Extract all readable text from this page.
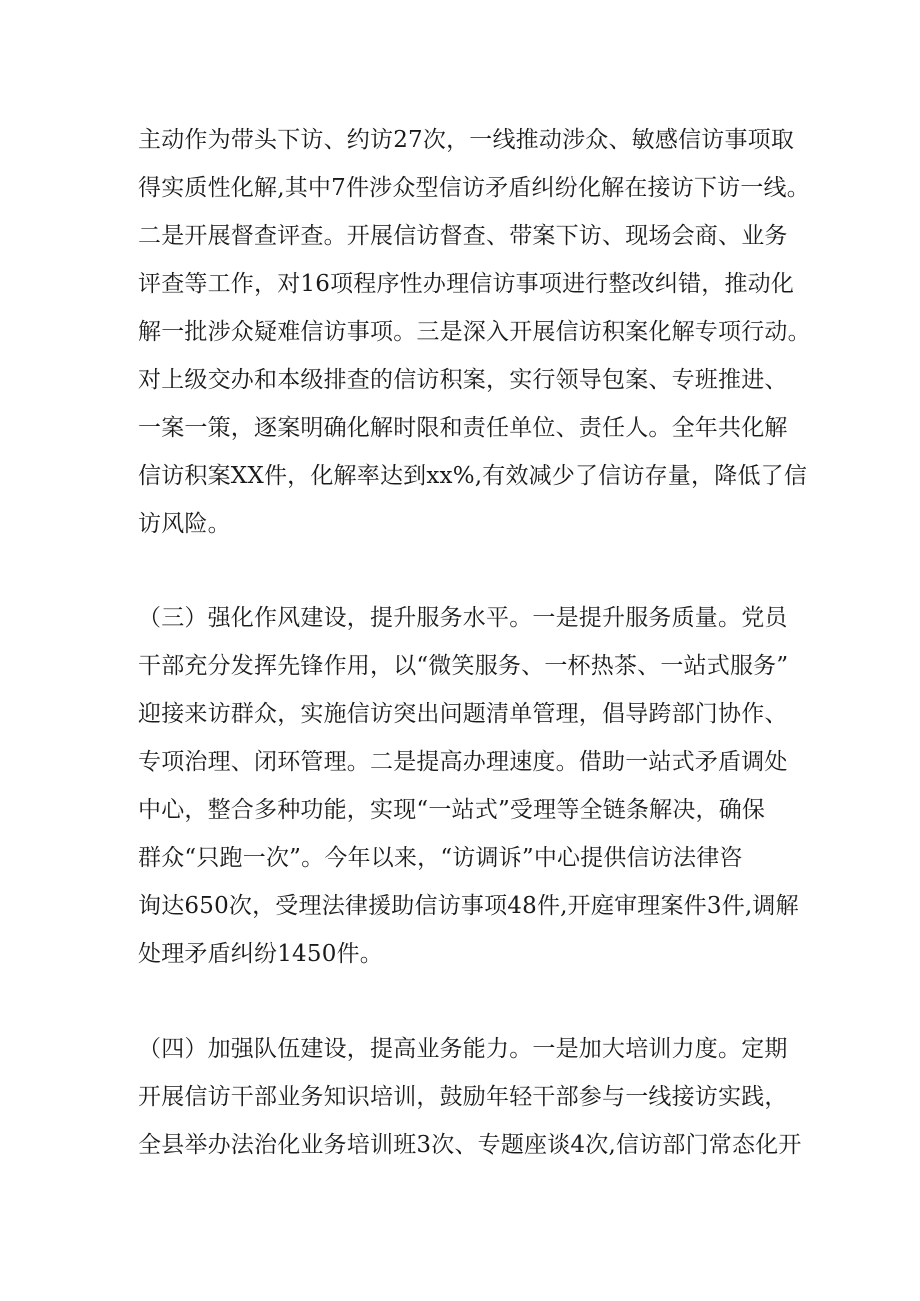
主动作为带头下访、约访27次，一线推动涉众、敏感信访事项取
得实质性化解,其中7件涉众型信访矛盾纠纷化解在接访下访一线。
二是开展督查评查。开展信访督查、带案下访、现场会商、业务
评查等工作，对16项程序性办理信访事项进行整改纠错，推动化
解一批涉众疑难信访事项。三是深入开展信访积案化解专项行动。
对上级交办和本级排查的信访积案，实行领导包案、专班推进、
一案一策，逐案明确化解时限和责任单位、责任人。全年共化解
信访积案XX件，化解率达到xx%,有效减少了信访存量，降低了信
访风险。
（三）强化作风建设，提升服务水平。一是提升服务质量。党员
干部充分发挥先锋作用，以“微笑服务、一杯热茶、一站式服务”
迎接来访群众，实施信访突出问题清单管理，倡导跨部门协作、
专项治理、闭环管理。二是提高办理速度。借助一站式矛盾调处
中心，整合多种功能，实现“一站式”受理等全链条解决，确保
群众“只跑一次”。今年以来，“访调诉”中心提供信访法律咨
询达650次，受理法律援助信访事项48件,开庭审理案件3件,调解
处理矛盾纠纷1450件。
（四）加强队伍建设，提高业务能力。一是加大培训力度。定期
开展信访干部业务知识培训，鼓励年轻干部参与一线接访实践，
全县举办法治化业务培训班3次、专题座谈4次,信访部门常态化开
